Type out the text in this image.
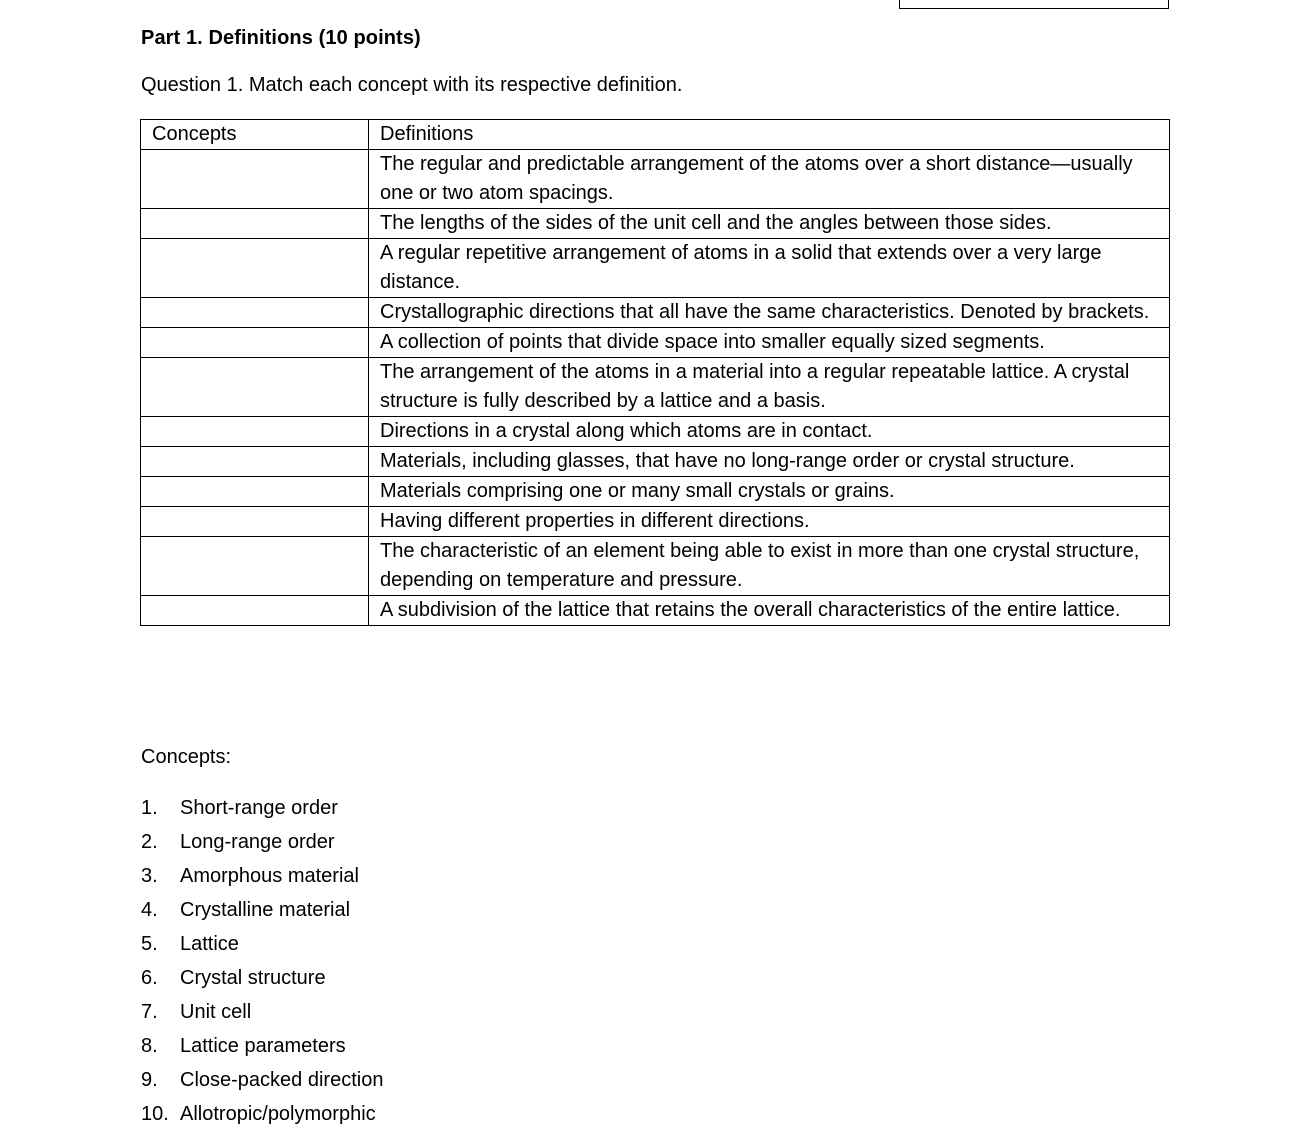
Part 1. Definitions (10 points)
Question 1. Match each concept with its respective definition.
Concepts	Definitions
	The regular and predictable arrangement of the atoms over a short distance—usually one or two atom spacings.
	The lengths of the sides of the unit cell and the angles between those sides.
	A regular repetitive arrangement of atoms in a solid that extends over a very large distance.
	Crystallographic directions that all have the same characteristics. Denoted by brackets.
	A collection of points that divide space into smaller equally sized segments.
	The arrangement of the atoms in a material into a regular repeatable lattice. A crystal structure is fully described by a lattice and a basis.
	Directions in a crystal along which atoms are in contact.
	Materials, including glasses, that have no long-range order or crystal structure.
	Materials comprising one or many small crystals or grains.
	Having different properties in different directions.
	The characteristic of an element being able to exist in more than one crystal structure, depending on temperature and pressure.
	A subdivision of the lattice that retains the overall characteristics of the entire lattice.
Concepts:
1.	Short-range order
2.	Long-range order
3.	Amorphous material
4.	Crystalline material
5.	Lattice
6.	Crystal structure
7.	Unit cell
8.	Lattice parameters
9.	Close-packed direction
10. Allotropic/polymorphic
